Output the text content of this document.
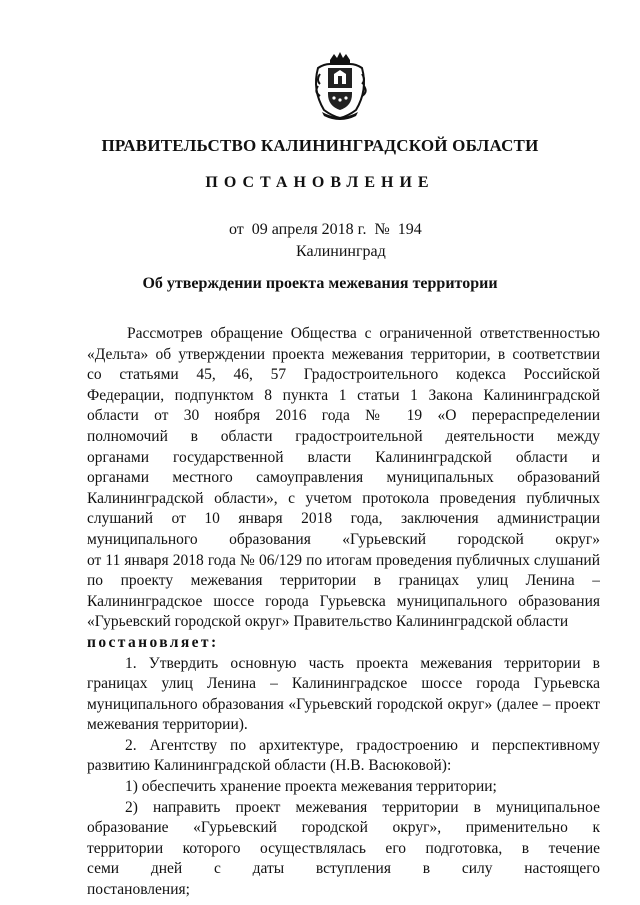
ПРАВИТЕЛЬСТВО КАЛИНИНГРАДСКОЙ ОБЛАСТИ
ПОСТАНОВЛЕНИЕ
от 09 апреля 2018 г. № 194
Калининград
Об утверждении проекта межевания территории
Рассмотрев обращение Общества с ограниченной ответственностью
«Дельта» об утверждении проекта межевания территории, в соответствии
со статьями 45, 46, 57 Градостроительного кодекса Российской
Федерации, подпунктом 8 пункта 1 статьи 1 Закона Калининградской
области от 30 ноября 2016 года № 19 «О перераспределении
полномочий в области градостроительной деятельности между
органами государственной власти Калининградской области и
органами местного самоуправления муниципальных образований
Калининградской области», с учетом протокола проведения публичных
слушаний от 10 января 2018 года, заключения администрации
муниципального образования «Гурьевский городской округ»
от 11 января 2018 года № 06/129 по итогам проведения публичных слушаний
по проекту межевания территории в границах улиц Ленина –
Калининградское шоссе города Гурьевска муниципального образования
«Гурьевский городской округ» Правительство Калининградской области
постановляет:
1. Утвердить основную часть проекта межевания территории в
границах улиц Ленина – Калининградское шоссе города Гурьевска
муниципального образования «Гурьевский городской округ» (далее – проект
межевания территории).
2. Агентству по архитектуре, градостроению и перспективному
развитию Калининградской области (Н.В. Васюковой):
1) обеспечить хранение проекта межевания территории;
2) направить проект межевания территории в муниципальное
образование «Гурьевский городской округ», применительно к
территории которого осуществлялась его подготовка, в течение
семи дней с даты вступления в силу настоящего
постановления;
